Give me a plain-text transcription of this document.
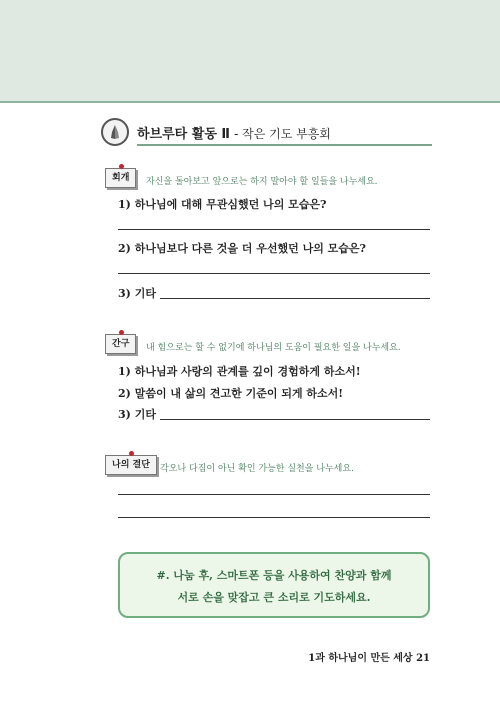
하브루타 활동 Ⅱ - 작은 기도 부흥회
회개	자신을 돌아보고 앞으로는 하지 말아야 할 일들을 나누세요.
1) 하나님에 대해 무관심했던 나의 모습은?
2) 하나님보다 다른 것을 더 우선했던 나의 모습은?
3) 기타
간구	내 힘으로는 할 수 없기에 하나님의 도움이 필요한 일을 나누세요.
1) 하나님과 사랑의 관계를 깊이 경험하게 하소서!
2) 말씀이 내 삶의 견고한 기준이 되게 하소서!
3) 기타
나의 결단	각오나 다짐이 아닌 확인 가능한 실천을 나누세요.
#. 나눔 후, 스마트폰 등을 사용하여 찬양과 함께
서로 손을 맞잡고 큰 소리로 기도하세요.
1과 하나님이 만든 세상 21
